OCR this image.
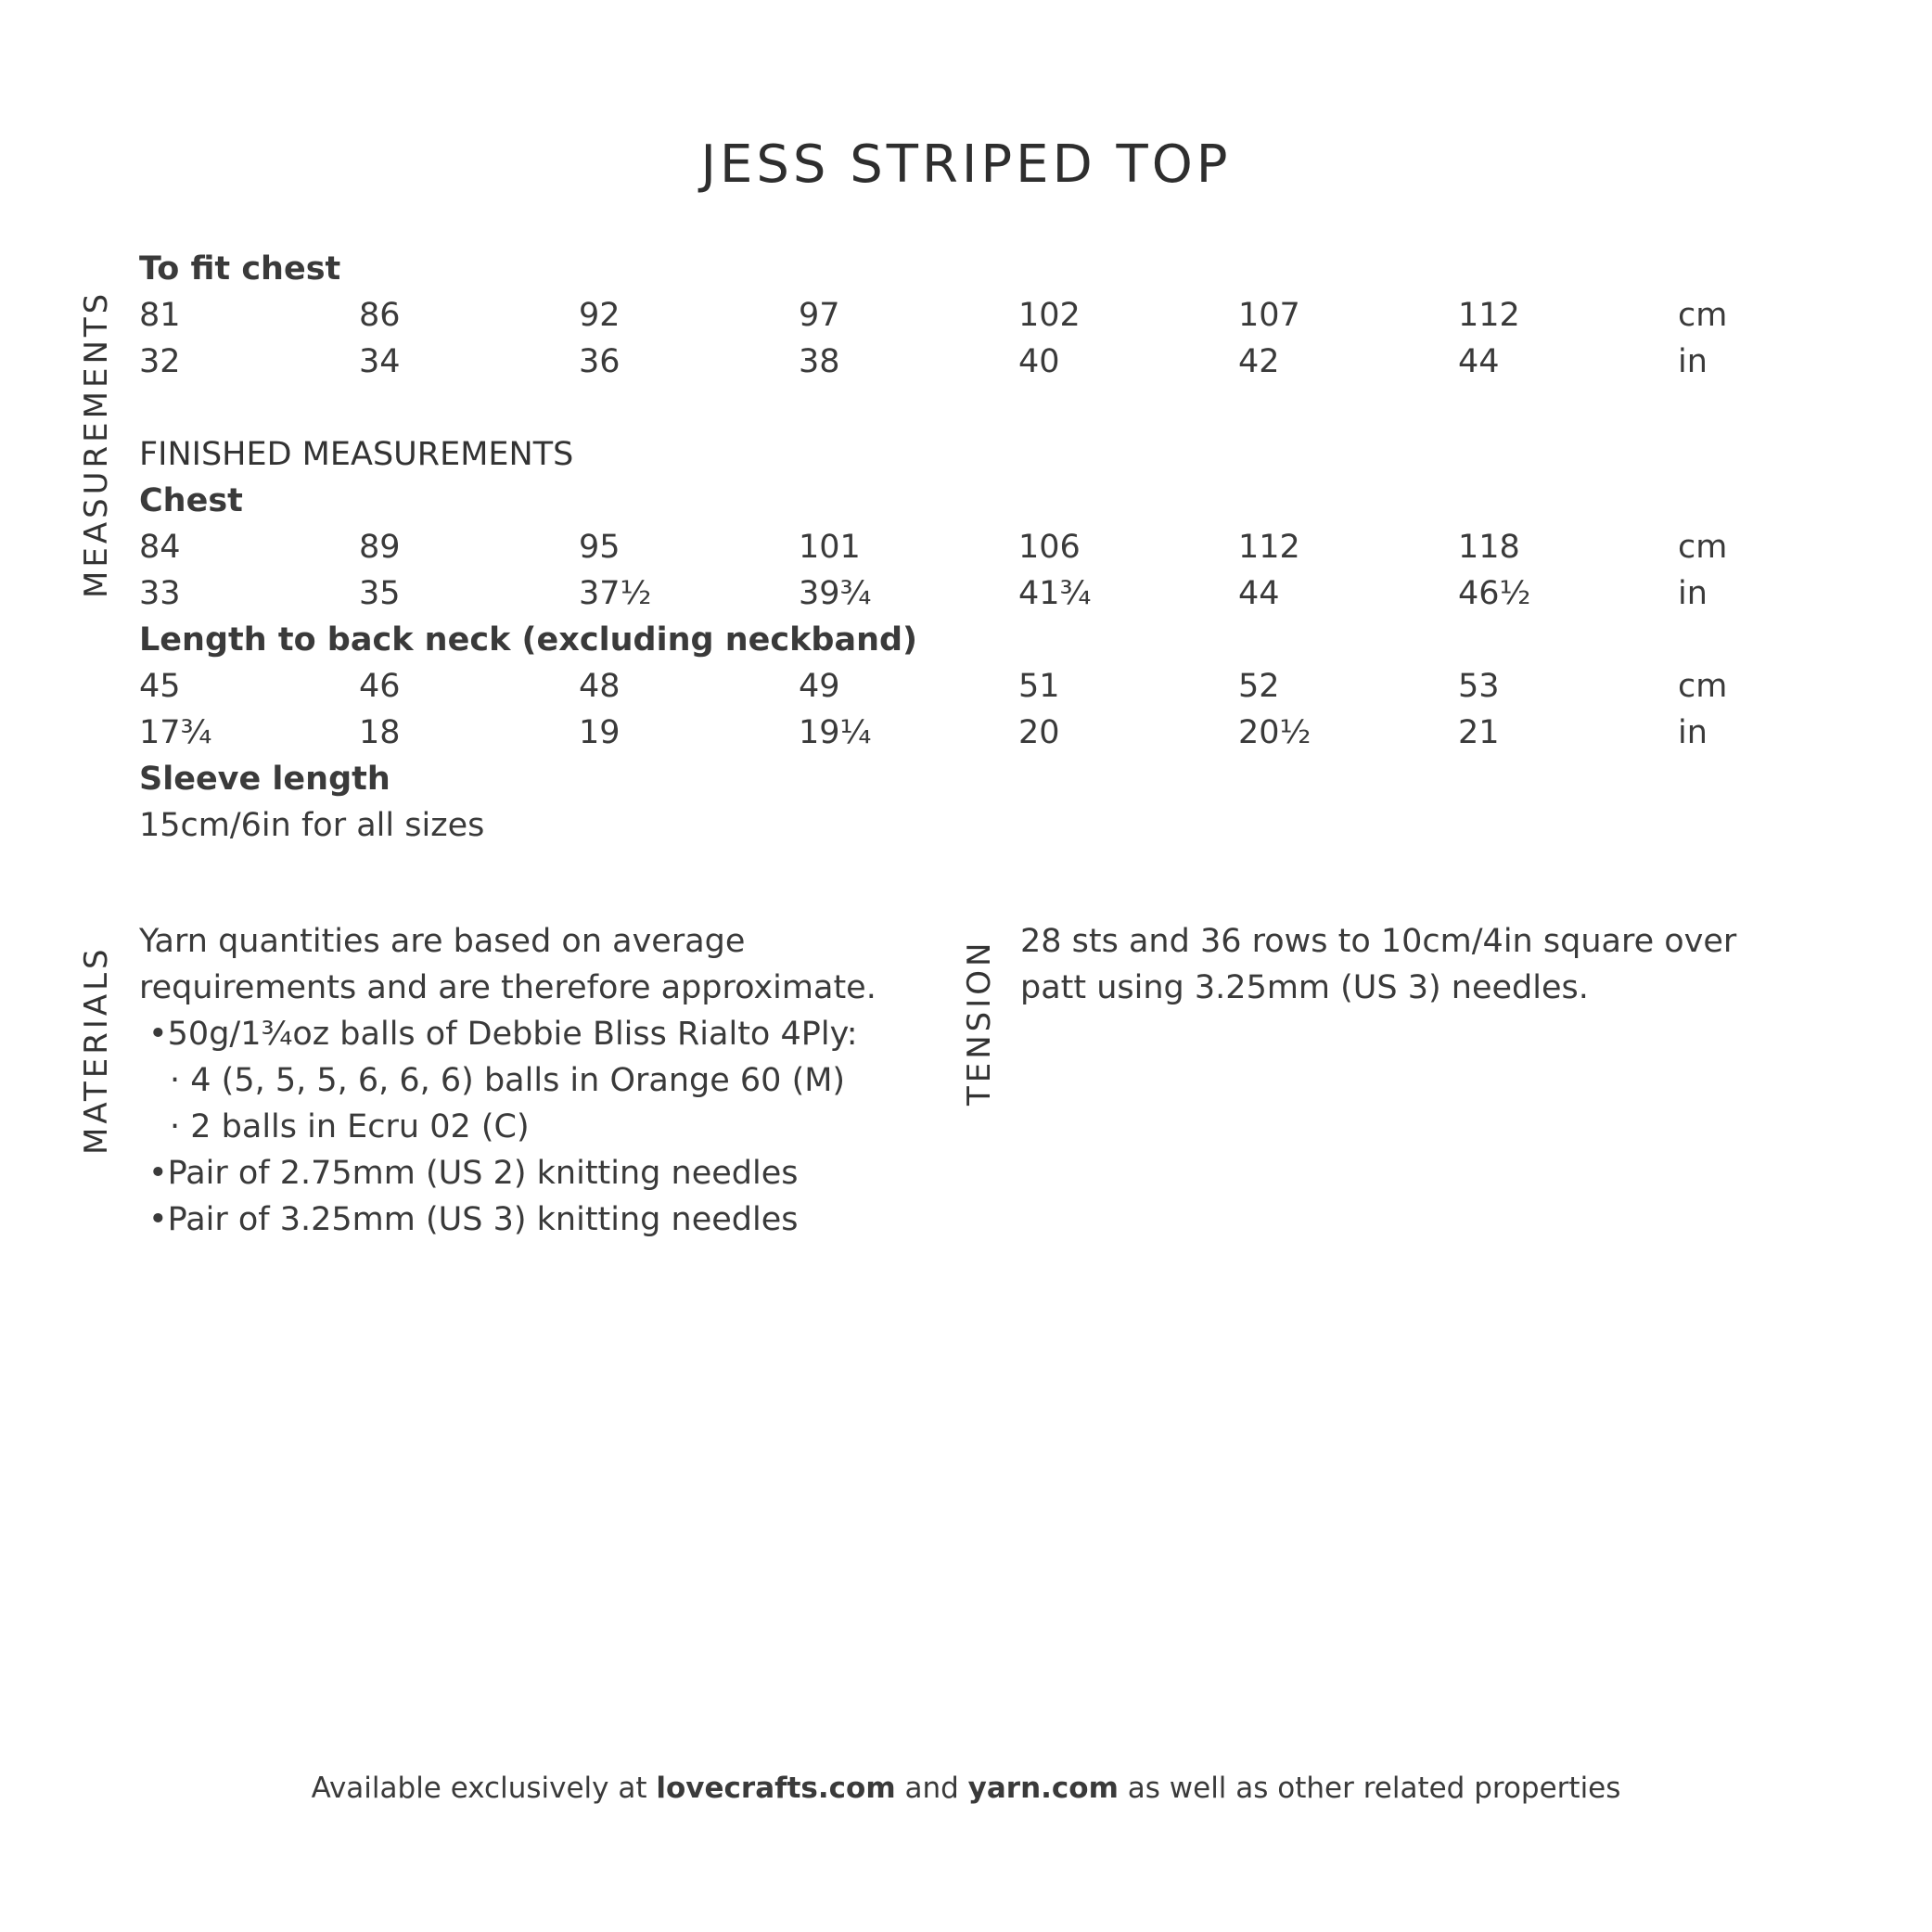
JESS STRIPED TOP
MEASUREMENTS
MATERIALS	TENSION
To fit chest
81	86	92	97	102	107	112	cm
32	34	36	38	40	42	44	in
FINISHED MEASUREMENTS
Chest
84	89	95	101	106	112	118	cm
33	35	37½	39¾	41¾	44	46½	in
Length to back neck (excluding neckband)
45	46	48	49	51	52	53	cm
17¾	18	19	19¼	20	20½	21	in
Sleeve length
15cm/6in for all sizes
Yarn quantities are based on average
requirements and are therefore approximate.
•50g/1¾oz balls of Debbie Bliss Rialto 4Ply:
· 4 (5, 5, 5, 6, 6, 6) balls in Orange 60 (M)
· 2 balls in Ecru 02 (C)
•Pair of 2.75mm (US 2) knitting needles
•Pair of 3.25mm (US 3) knitting needles
28 sts and 36 rows to 10cm/4in square over
patt using 3.25mm (US 3) needles.
Available exclusively at lovecrafts.com and yarn.com as well as other related properties
